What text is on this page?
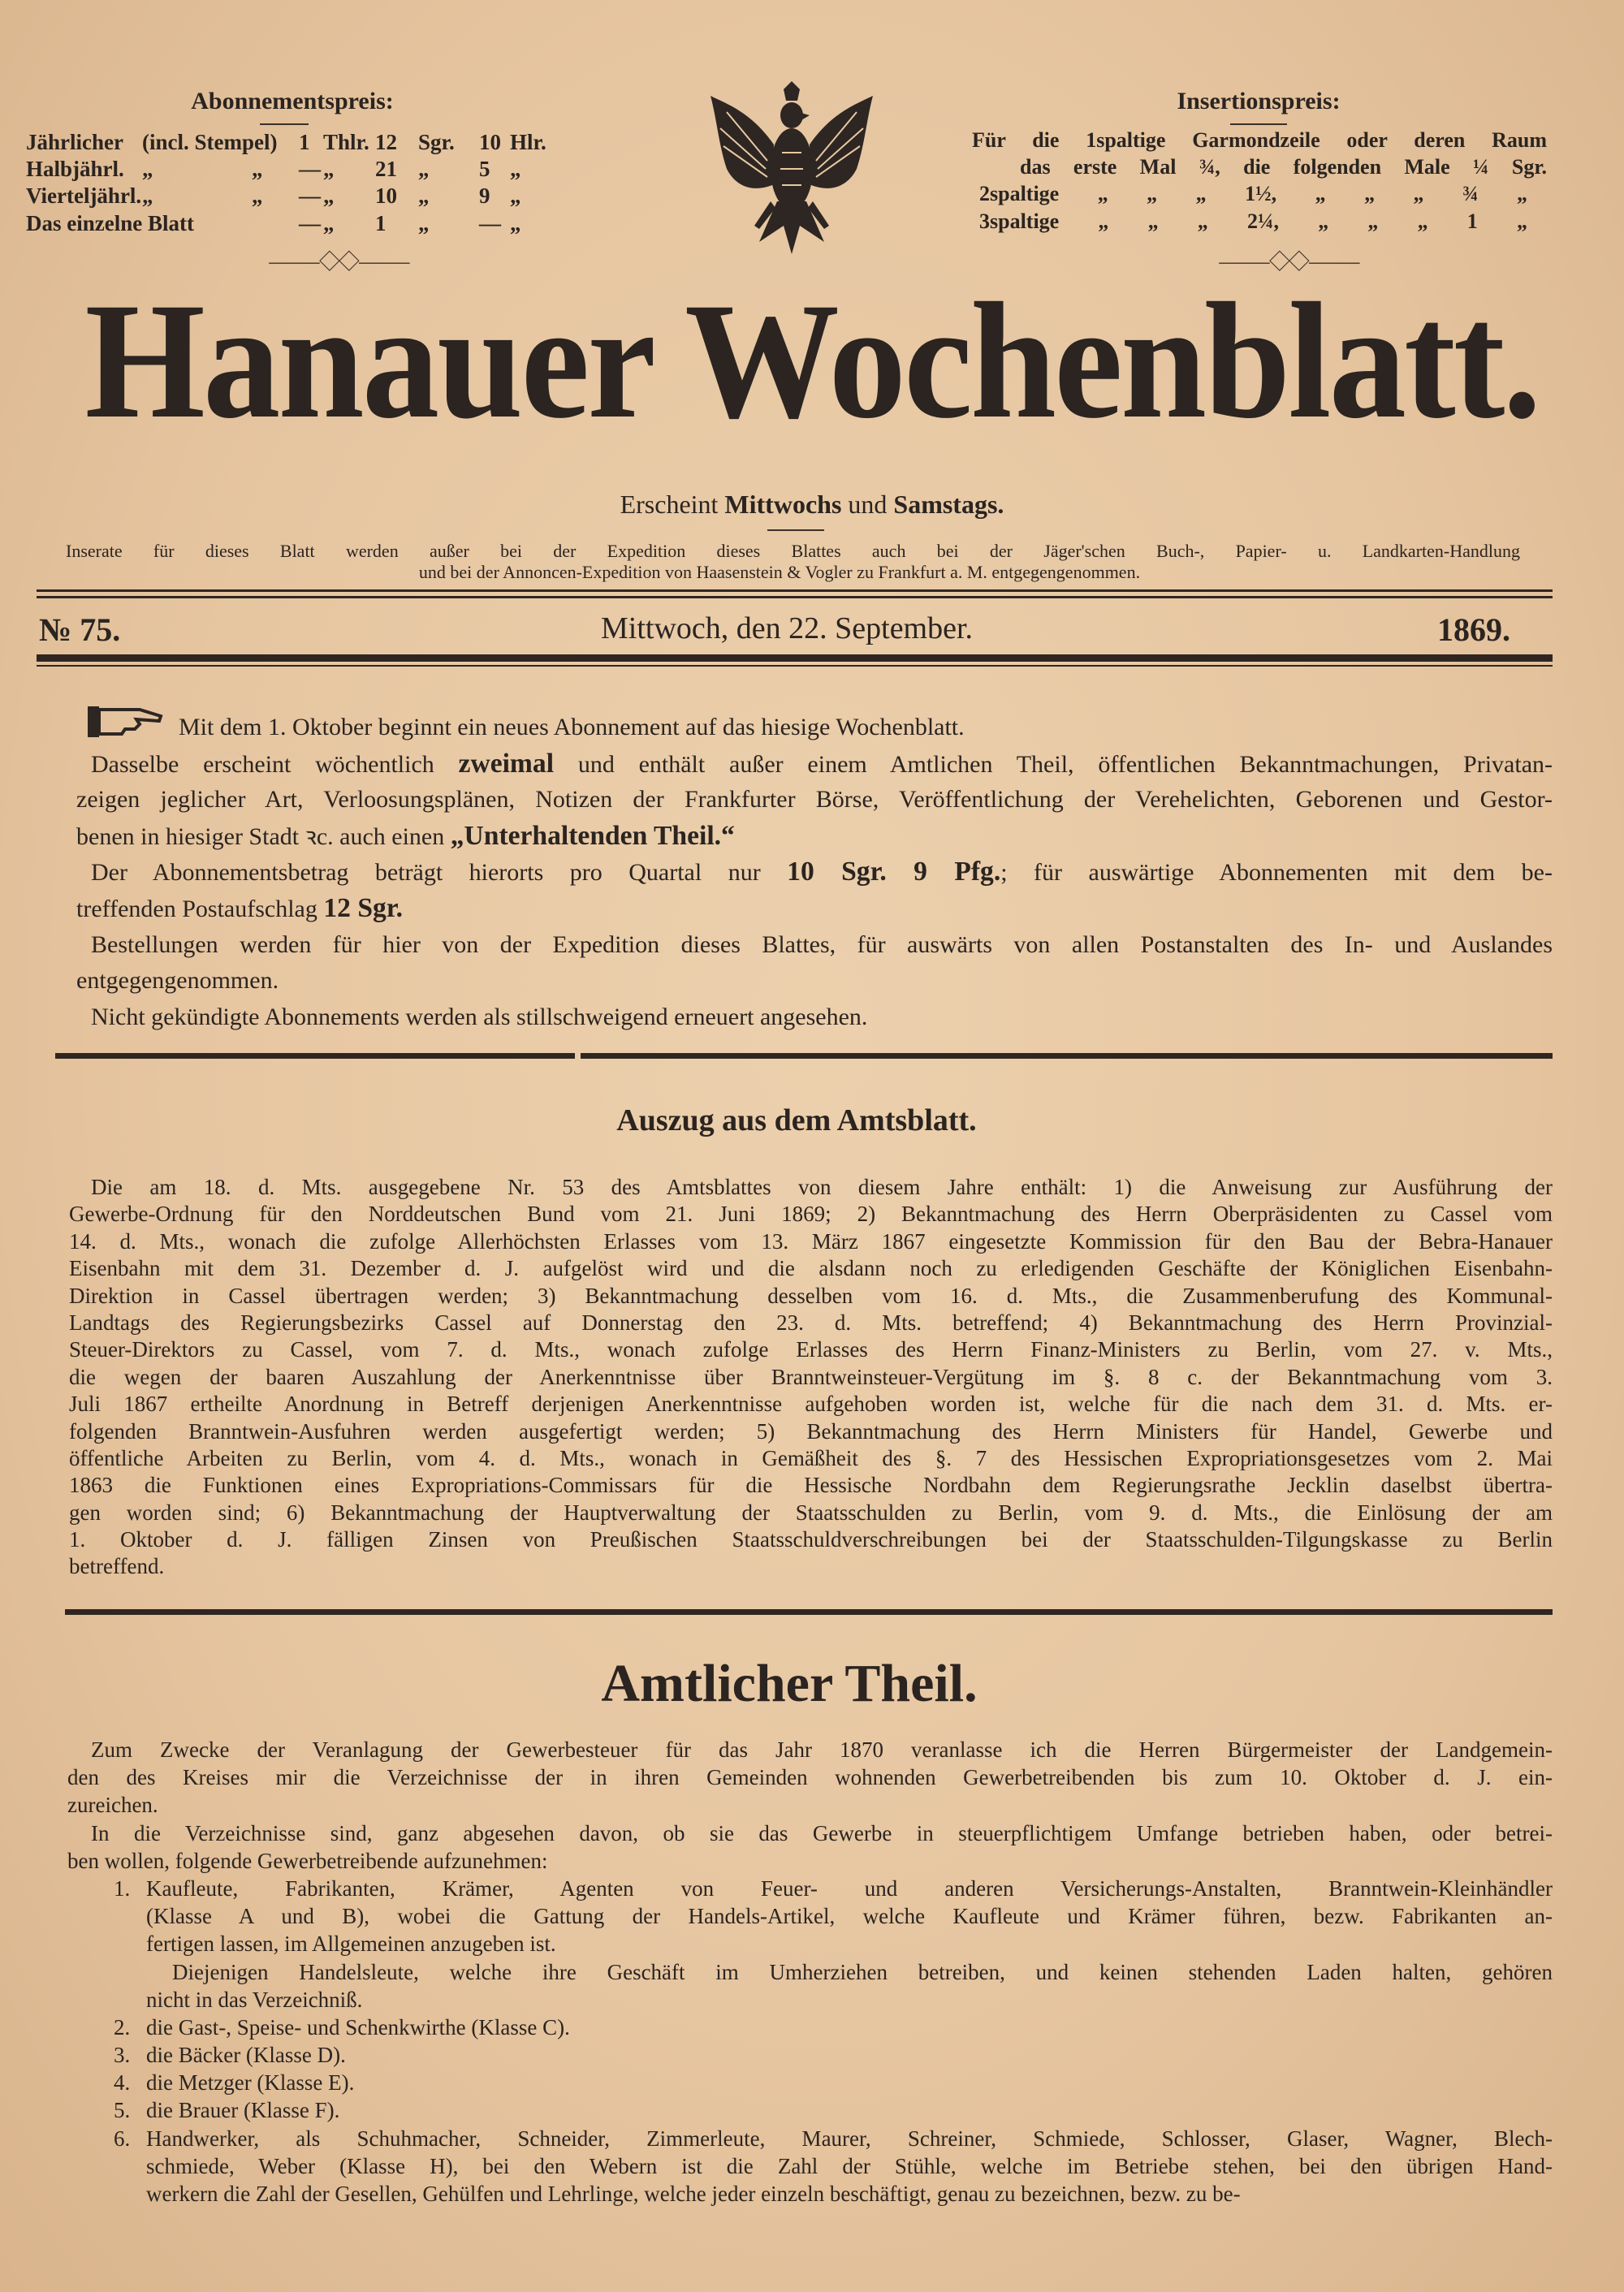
Abonnementspreis:
Jährlicher (incl. Stempel) 1 Thlr. 12 Sgr. 10 Hlr.
Halbjährl. „	„ — „ 21 „ 5 „
Vierteljährl. „	„ — „ 10 „ 9 „
Das einzelne Blatt	— „ 1 „ — „
⸻◇◇⸻
Insertionspreis:
Für die 1spaltige Garmondzeile oder deren Raum
das erste Mal ¾, die folgenden Male ¼ Sgr.
2spaltige „ „ „ 1½, „ „ „ ¾ „
3spaltige „ „ „ 2¼, „ „ „ 1 „
⸻◇◇⸻
Hanauer Wochenblatt.
Erscheint Mittwochs und Samstags.
Inserate für dieses Blatt werden außer bei der Expedition dieses Blattes auch bei der Jäger'schen Buch-, Papier- u. Landkarten-Handlung
und bei der Annoncen-Expedition von Haasenstein & Vogler zu Frankfurt a. M. entgegengenommen.
№ 75.	Mittwoch, den 22. September.	1869.
Mit dem 1. Oktober beginnt ein neues Abonnement auf das hiesige Wochenblatt.
Dasselbe erscheint wöchentlich zweimal und enthält außer einem Amtlichen Theil, öffentlichen Bekanntmachungen, Privatan-
zeigen jeglicher Art, Verloosungsplänen, Notizen der Frankfurter Börse, Veröffentlichung der Verehelichten, Geborenen und Gestor-
benen in hiesiger Stadt ꝛc. auch einen „Unterhaltenden Theil.“
Der Abonnementsbetrag beträgt hierorts pro Quartal nur 10 Sgr. 9 Pfg.; für auswärtige Abonnementen mit dem be-
treffenden Postaufschlag 12 Sgr.
Bestellungen werden für hier von der Expedition dieses Blattes, für auswärts von allen Postanstalten des In- und Auslandes
entgegengenommen.
Nicht gekündigte Abonnements werden als stillschweigend erneuert angesehen.
Auszug aus dem Amtsblatt.
Die am 18. d. Mts. ausgegebene Nr. 53 des Amtsblattes von diesem Jahre enthält: 1) die Anweisung zur Ausführung der
Gewerbe-Ordnung für den Norddeutschen Bund vom 21. Juni 1869; 2) Bekanntmachung des Herrn Oberpräsidenten zu Cassel vom
14. d. Mts., wonach die zufolge Allerhöchsten Erlasses vom 13. März 1867 eingesetzte Kommission für den Bau der Bebra-Hanauer
Eisenbahn mit dem 31. Dezember d. J. aufgelöst wird und die alsdann noch zu erledigenden Geschäfte der Königlichen Eisenbahn-
Direktion in Cassel übertragen werden; 3) Bekanntmachung desselben vom 16. d. Mts., die Zusammenberufung des Kommunal-
Landtags des Regierungsbezirks Cassel auf Donnerstag den 23. d. Mts. betreffend; 4) Bekanntmachung des Herrn Provinzial-
Steuer-Direktors zu Cassel, vom 7. d. Mts., wonach zufolge Erlasses des Herrn Finanz-Ministers zu Berlin, vom 27. v. Mts.,
die wegen der baaren Auszahlung der Anerkenntnisse über Branntweinsteuer-Vergütung im §. 8 c. der Bekanntmachung vom 3.
Juli 1867 ertheilte Anordnung in Betreff derjenigen Anerkenntnisse aufgehoben worden ist, welche für die nach dem 31. d. Mts. er-
folgenden Branntwein-Ausfuhren werden ausgefertigt werden; 5) Bekanntmachung des Herrn Ministers für Handel, Gewerbe und
öffentliche Arbeiten zu Berlin, vom 4. d. Mts., wonach in Gemäßheit des §. 7 des Hessischen Expropriationsgesetzes vom 2. Mai
1863 die Funktionen eines Expropriations-Commissars für die Hessische Nordbahn dem Regierungsrathe Jecklin daselbst übertra-
gen worden sind; 6) Bekanntmachung der Hauptverwaltung der Staatsschulden zu Berlin, vom 9. d. Mts., die Einlösung der am
1. Oktober d. J. fälligen Zinsen von Preußischen Staatsschuldverschreibungen bei der Staatsschulden-Tilgungskasse zu Berlin
betreffend.
Amtlicher Theil.
Zum Zwecke der Veranlagung der Gewerbesteuer für das Jahr 1870 veranlasse ich die Herren Bürgermeister der Landgemein-
den des Kreises mir die Verzeichnisse der in ihren Gemeinden wohnenden Gewerbetreibenden bis zum 10. Oktober d. J. ein-
zureichen.
In die Verzeichnisse sind, ganz abgesehen davon, ob sie das Gewerbe in steuerpflichtigem Umfange betrieben haben, oder betrei-
ben wollen, folgende Gewerbetreibende aufzunehmen:
1. Kaufleute, Fabrikanten, Krämer, Agenten von Feuer- und anderen Versicherungs-Anstalten, Branntwein-Kleinhändler
(Klasse A und B), wobei die Gattung der Handels-Artikel, welche Kaufleute und Krämer führen, bezw. Fabrikanten an-
fertigen lassen, im Allgemeinen anzugeben ist.
Diejenigen Handelsleute, welche ihre Geschäft im Umherziehen betreiben, und keinen stehenden Laden halten, gehören
nicht in das Verzeichniß.
2. die Gast-, Speise- und Schenkwirthe (Klasse C).
3. die Bäcker (Klasse D).
4. die Metzger (Klasse E).
5. die Brauer (Klasse F).
6. Handwerker, als Schuhmacher, Schneider, Zimmerleute, Maurer, Schreiner, Schmiede, Schlosser, Glaser, Wagner, Blech-
schmiede, Weber (Klasse H), bei den Webern ist die Zahl der Stühle, welche im Betriebe stehen, bei den übrigen Hand-
werkern die Zahl der Gesellen, Gehülfen und Lehrlinge, welche jeder einzeln beschäftigt, genau zu bezeichnen, bezw. zu be-
